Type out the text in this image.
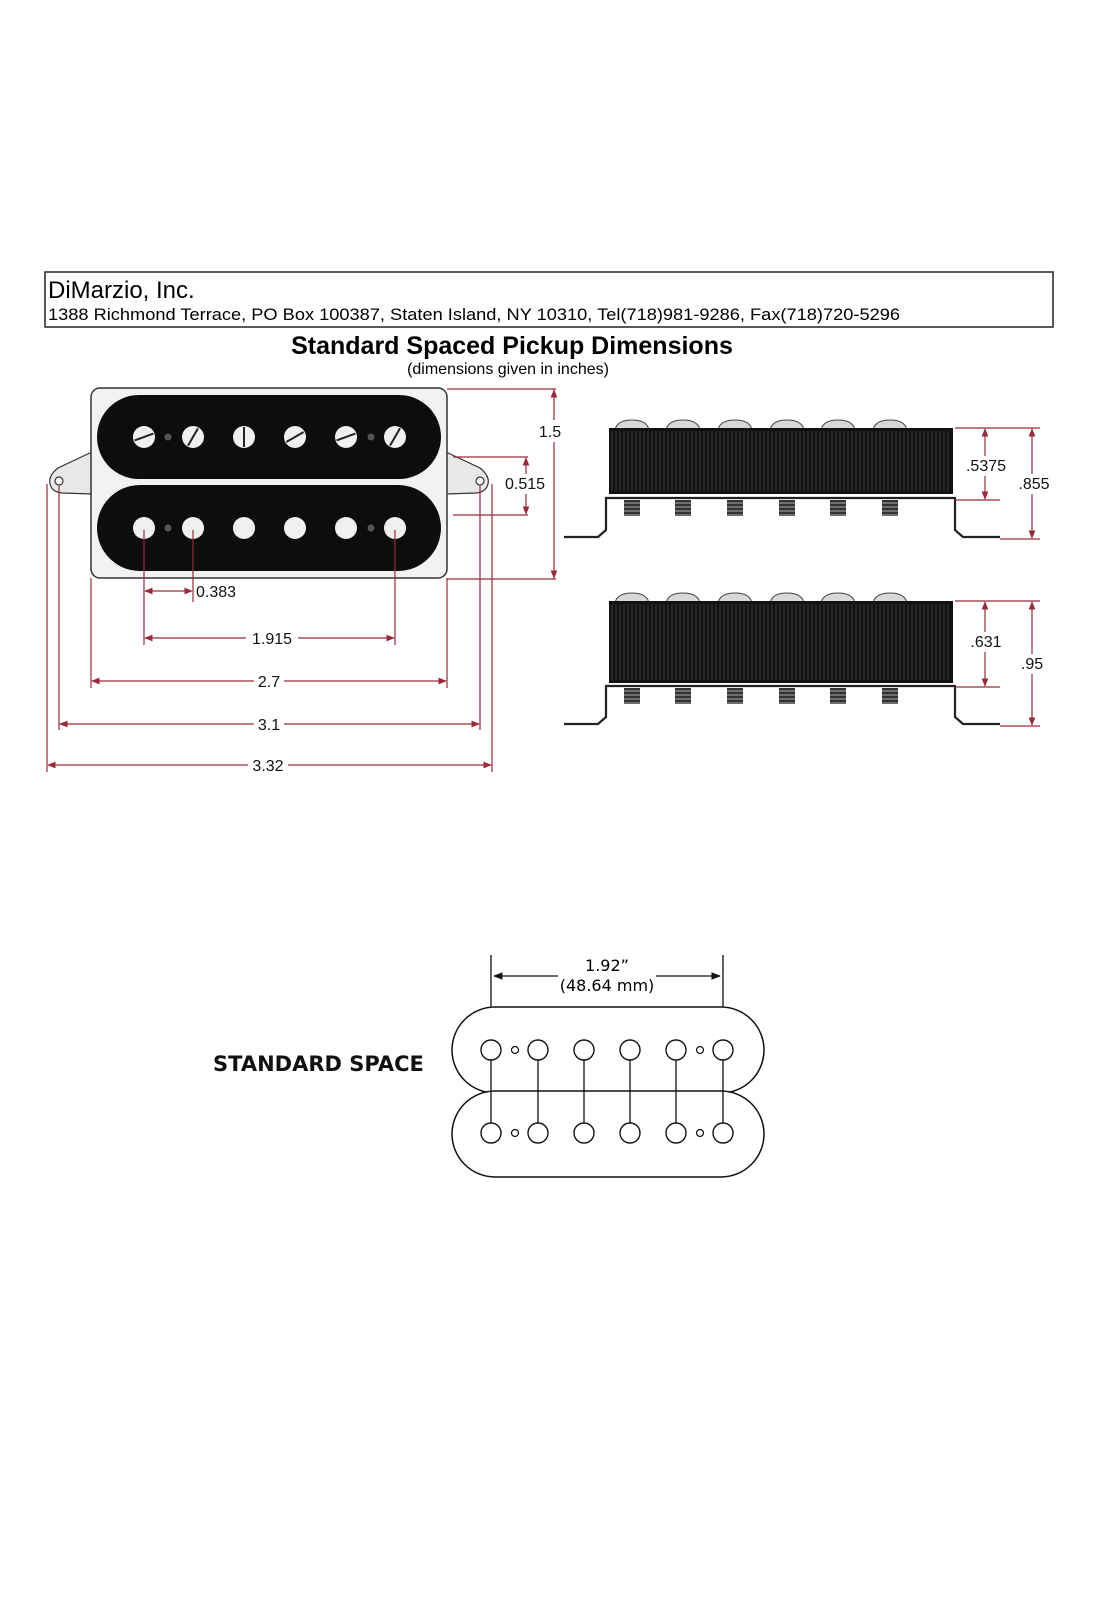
DiMarzio, Inc.
1388 Richmond Terrace, PO Box 100387, Staten Island, NY 10310, Tel(718)981-9286, Fax(718)720-5296
Standard Spaced Pickup Dimensions
(dimensions given in inches)
1.5
0.515
0.383
1.915
2.7
3.1
3.32
.5375
.855
.631
.95
STANDARD SPACE
1.92”
(48.64 mm)
